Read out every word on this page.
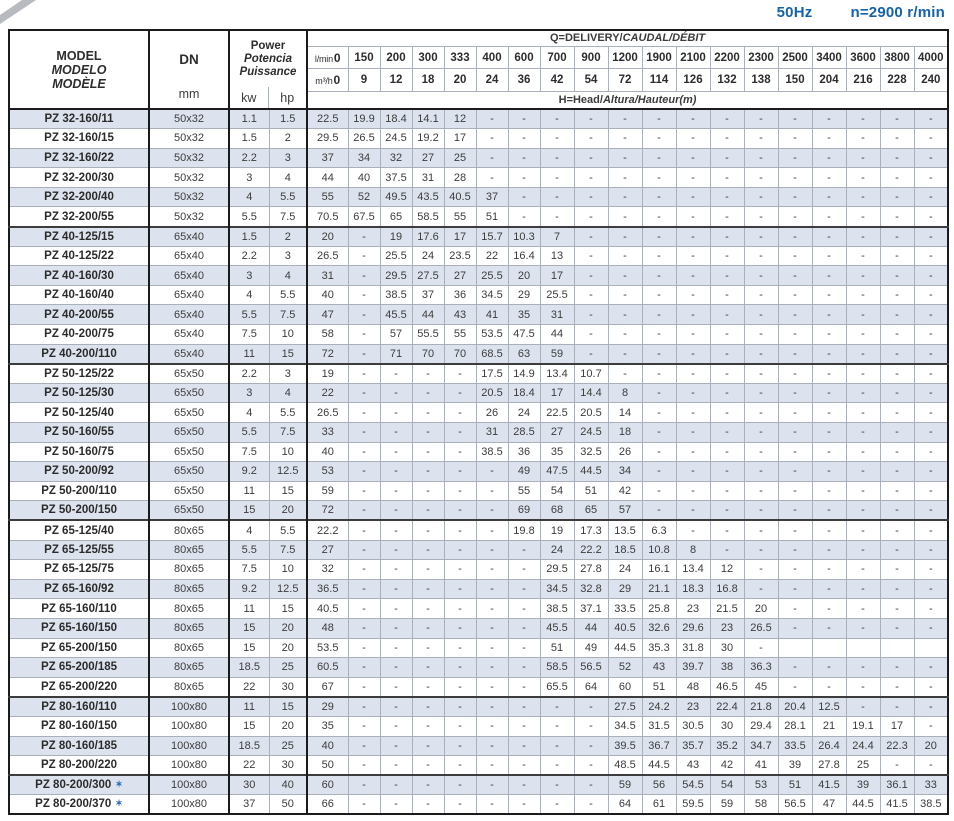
50Hz	n=2900 r/min
MODEL
MODELO
MODÈLE

DN
mm

Power
Potencia
Puissance
kw	hp
	Q=DELIVERY/CAUDAL/DÉBIT
				l/min0	150	200	300	333	400	600	700	900	1200	1900	2100	2200	2300	2500	3400	3600	3800	4000
				m³/h0	9	12	18	20	24	36	42	54	72	114	126	132	138	150	204	216	228	240
				H=Head/Altura/Hauteur(m)																		
PZ 32-160/11	50x32	1.1	1.5	22.5	19.9	18.4	14.1	12	-	-	-	-	-	-	-	-	-	-	-	-	-	-
PZ 32-160/15	50x32	1.5	2	29.5	26.5	24.5	19.2	17	-	-	-	-	-	-	-	-	-	-	-	-	-	-
PZ 32-160/22	50x32	2.2	3	37	34	32	27	25	-	-	-	-	-	-	-	-	-	-	-	-	-	-
PZ 32-200/30	50x32	3	4	44	40	37.5	31	28	-	-	-	-	-	-	-	-	-	-	-	-	-	-
PZ 32-200/40	50x32	4	5.5	55	52	49.5	43.5	40.5	37	-	-	-	-	-	-	-	-	-	-	-	-	-
PZ 32-200/55	50x32	5.5	7.5	70.5	67.5	65	58.5	55	51	-	-	-	-	-	-	-	-	-	-	-	-	-
PZ 40-125/15	65x40	1.5	2	20	-	19	17.6	17	15.7	10.3	7	-	-	-	-	-	-	-	-	-	-	-
PZ 40-125/22	65x40	2.2	3	26.5	-	25.5	24	23.5	22	16.4	13	-	-	-	-	-	-	-	-	-	-	-
PZ 40-160/30	65x40	3	4	31	-	29.5	27.5	27	25.5	20	17	-	-	-	-	-	-	-	-	-	-	-
PZ 40-160/40	65x40	4	5.5	40	-	38.5	37	36	34.5	29	25.5	-	-	-	-	-	-	-	-	-	-	-
PZ 40-200/55	65x40	5.5	7.5	47	-	45.5	44	43	41	35	31	-	-	-	-	-	-	-	-	-	-	-
PZ 40-200/75	65x40	7.5	10	58	-	57	55.5	55	53.5	47.5	44	-	-	-	-	-	-	-	-	-	-	-
PZ 40-200/110	65x40	11	15	72	-	71	70	70	68.5	63	59	-	-	-	-	-	-	-	-	-	-	-
PZ 50-125/22	65x50	2.2	3	19	-	-	-	-	17.5	14.9	13.4	10.7	-	-	-	-	-	-	-	-	-	-
PZ 50-125/30	65x50	3	4	22	-	-	-	-	20.5	18.4	17	14.4	8	-	-	-	-	-	-	-	-	-
PZ 50-125/40	65x50	4	5.5	26.5	-	-	-	-	26	24	22.5	20.5	14	-	-	-	-	-	-	-	-	-
PZ 50-160/55	65x50	5.5	7.5	33	-	-	-	-	31	28.5	27	24.5	18	-	-	-	-	-	-	-	-	-
PZ 50-160/75	65x50	7.5	10	40	-	-	-	-	38.5	36	35	32.5	26	-	-	-	-	-	-	-	-	-
PZ 50-200/92	65x50	9.2	12.5	53	-	-	-	-	-	49	47.5	44.5	34	-	-	-	-	-	-	-	-	-
PZ 50-200/110	65x50	11	15	59	-	-	-	-	-	55	54	51	42	-	-	-	-	-	-	-	-	-
PZ 50-200/150	65x50	15	20	72	-	-	-	-	-	69	68	65	57	-	-	-	-	-	-	-	-	-
PZ 65-125/40	80x65	4	5.5	22.2	-	-	-	-	-	19.8	19	17.3	13.5	6.3	-	-	-	-	-	-	-	-
PZ 65-125/55	80x65	5.5	7.5	27	-	-	-	-	-	-	24	22.2	18.5	10.8	8	-	-	-	-	-	-	-
PZ 65-125/75	80x65	7.5	10	32	-	-	-	-	-	-	29.5	27.8	24	16.1	13.4	12	-	-	-	-	-	-
PZ 65-160/92	80x65	9.2	12.5	36.5	-	-	-	-	-	-	34.5	32.8	29	21.1	18.3	16.8	-	-	-	-	-	-
PZ 65-160/110	80x65	11	15	40.5	-	-	-	-	-	-	38.5	37.1	33.5	25.8	23	21.5	20	-	-	-	-	-
PZ 65-160/150	80x65	15	20	48	-	-	-	-	-	-	45.5	44	40.5	32.6	29.6	23	26.5	-	-	-	-	-
PZ 65-200/150	80x65	15	20	53.5	-	-	-	-	-	-	51	49	44.5	35.3	31.8	30	-					
PZ 65-200/185	80x65	18.5	25	60.5	-	-	-	-	-	-	58.5	56.5	52	43	39.7	38	36.3	-	-	-	-	-
PZ 65-200/220	80x65	22	30	67	-	-	-	-	-	-	65.5	64	60	51	48	46.5	45	-	-	-	-	-
PZ 80-160/110	100x80	11	15	29	-	-	-	-	-	-	-	-	27.5	24.2	23	22.4	21.8	20.4	12.5	-	-	-
PZ 80-160/150	100x80	15	20	35	-	-	-	-	-	-	-	-	34.5	31.5	30.5	30	29.4	28.1	21	19.1	17	-
PZ 80-160/185	100x80	18.5	25	40	-	-	-	-	-	-	-	-	39.5	36.7	35.7	35.2	34.7	33.5	26.4	24.4	22.3	20
PZ 80-200/220	100x80	22	30	50	-	-	-	-	-	-	-	-	48.5	44.5	43	42	41	39	27.8	25	-	-
PZ 80-200/300 ✶	100x80	30	40	60	-	-	-	-	-	-	-	-	59	56	54.5	54	53	51	41.5	39	36.1	33
PZ 80-200/370 ✶	100x80	37	50	66	-	-	-	-	-	-	-	-	64	61	59.5	59	58	56.5	47	44.5	41.5	38.5
